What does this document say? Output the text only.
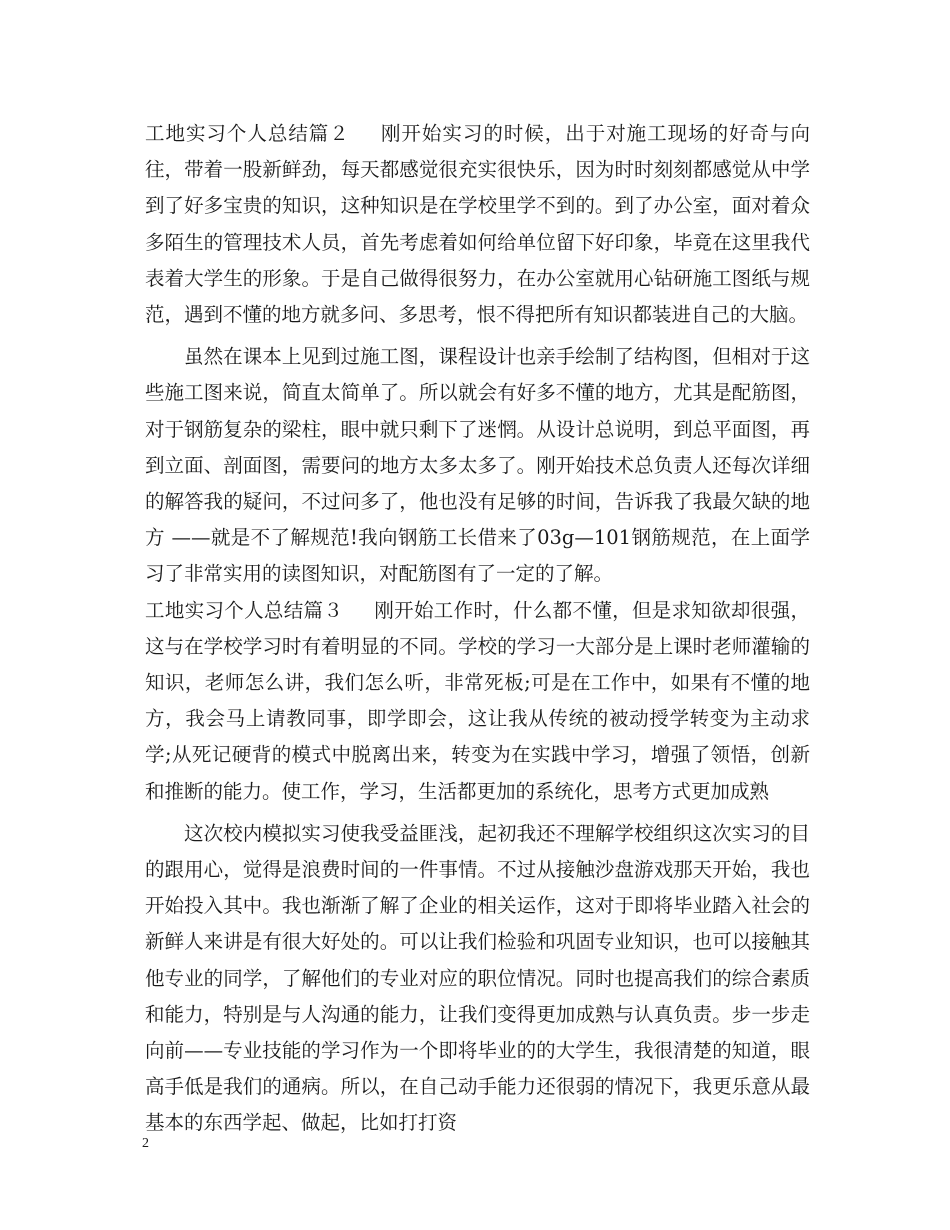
工地实习个人总结篇２ 刚开始实习的时候，出于对施工现场的好奇与向往，带着一股新鲜劲，每天都感觉很充实很快乐，因为时时刻刻都感觉从中学到了好多宝贵的知识，这种知识是在学校里学不到的。到了办公室，面对着众多陌生的管理技术人员，首先考虑着如何给单位留下好印象，毕竟在这里我代表着大学生的形象。于是自己做得很努力，在办公室就用心钻研施工图纸与规范，遇到不懂的地方就多问、多思考，恨不得把所有知识都装进自己的大脑。

虽然在课本上见到过施工图，课程设计也亲手绘制了结构图，但相对于这些施工图来说，简直太简单了。所以就会有好多不懂的地方，尤其是配筋图，对于钢筋复杂的梁柱，眼中就只剩下了迷惘。从设计总说明，到总平面图，再到立面、剖面图，需要问的地方太多太多了。刚开始技术总负责人还每次详细的解答我的疑问，不过问多了，他也没有足够的时间，告诉我了我最欠缺的地方 ——就是不了解规范!我向钢筋工长借来了03g—101钢筋规范，在上面学习了非常实用的读图知识，对配筋图有了一定的了解。

工地实习个人总结篇３ 刚开始工作时，什么都不懂，但是求知欲却很强，这与在学校学习时有着明显的不同。学校的学习一大部分是上课时老师灌输的知识，老师怎么讲，我们怎么听，非常死板;可是在工作中，如果有不懂的地方，我会马上请教同事，即学即会，这让我从传统的被动授学转变为主动求学;从死记硬背的模式中脱离出来，转变为在实践中学习，增强了领悟，创新和推断的能力。使工作，学习，生活都更加的系统化，思考方式更加成熟

这次校内模拟实习使我受益匪浅，起初我还不理解学校组织这次实习的目的跟用心，觉得是浪费时间的一件事情。不过从接触沙盘游戏那天开始，我也开始投入其中。我也渐渐了解了企业的相关运作，这对于即将毕业踏入社会的新鲜人来讲是有很大好处的。可以让我们检验和巩固专业知识，也可以接触其他专业的同学，了解他们的专业对应的职位情况。同时也提高我们的综合素质和能力，特别是与人沟通的能力，让我们变得更加成熟与认真负责。步一步走向前——专业技能的学习作为一个即将毕业的的大学生，我很清楚的知道，眼高手低是我们的通病。所以，在自己动手能力还很弱的情况下，我更乐意从最基本的东西学起、做起，比如打打资

2
